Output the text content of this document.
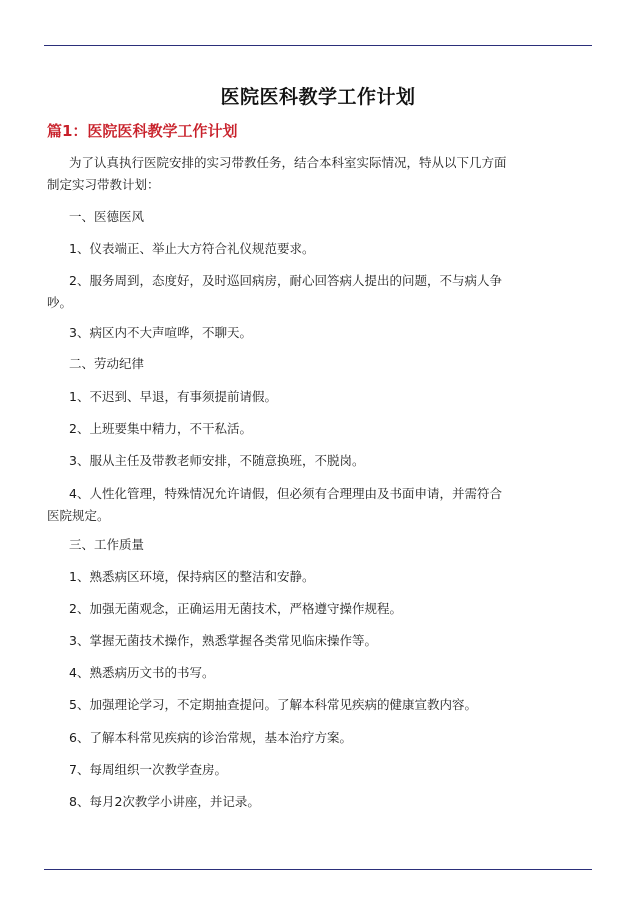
医院医科教学工作计划
篇1：医院医科教学工作计划
为了认真执行医院安排的实习带教任务，结合本科室实际情况，特从以下几方面制定实习带教计划：
一、医德医风
1、仪表端正、举止大方符合礼仪规范要求。
2、服务周到，态度好，及时巡回病房，耐心回答病人提出的问题，不与病人争吵。
3、病区内不大声喧哗，不聊天。
二、劳动纪律
1、不迟到、早退，有事须提前请假。
2、上班要集中精力，不干私活。
3、服从主任及带教老师安排，不随意换班，不脱岗。
4、人性化管理，特殊情况允许请假，但必须有合理理由及书面申请，并需符合医院规定。
三、工作质量
1、熟悉病区环境，保持病区的整洁和安静。
2、加强无菌观念，正确运用无菌技术，严格遵守操作规程。
3、掌握无菌技术操作，熟悉掌握各类常见临床操作等。
4、熟悉病历文书的书写。
5、加强理论学习，不定期抽查提问。了解本科常见疾病的健康宣教内容。
6、了解本科常见疾病的诊治常规，基本治疗方案。
7、每周组织一次教学查房。
8、每月2次教学小讲座，并记录。
